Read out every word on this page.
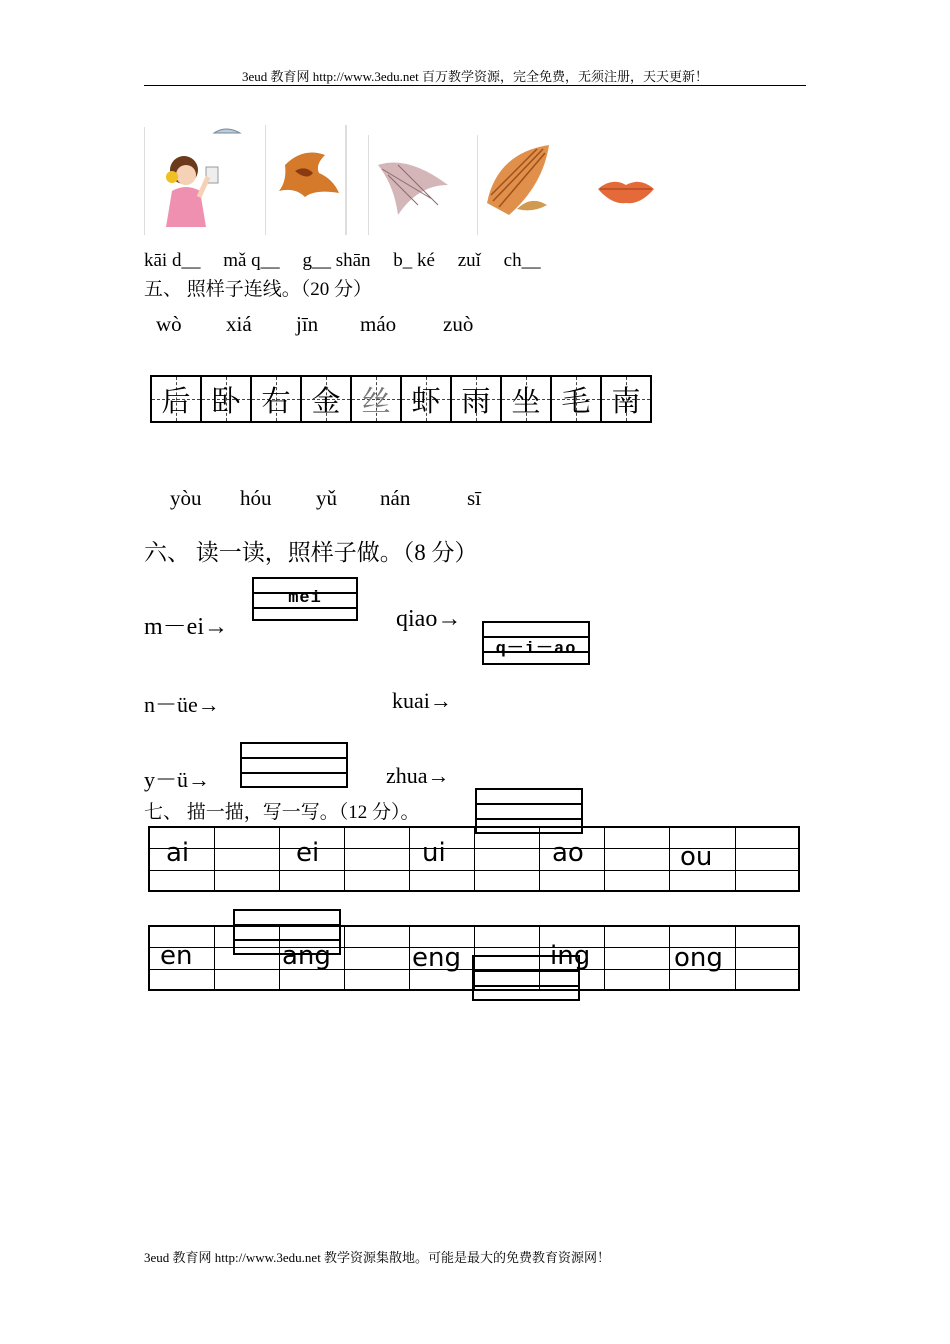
3eud 教育网 http://www.3edu.net 百万教学资源，完全免费，无须注册，天天更新！
kāi d__ mǎ q__ g__ shān b_ ké zuǐ ch__
五、 照样子连线。（20 分）
wò xiá jīn máo zuò
后 卧 右 金 丝 虾 雨 坐 毛 南
yòu hóu yǔ nán	sī
六、 读一读，照样子做。（8 分）
m－ei→
mei
qiao→
q－i－ao
n－üe→	kuai→
y－ü→	zhua→
七、 描一描，写一写。（12 分）。
ai	ei	ui	ao	ou
en	ang	eng	ing	ong
3eud 教育网 http://www.3edu.net 教学资源集散地。可能是最大的免费教育资源网！
